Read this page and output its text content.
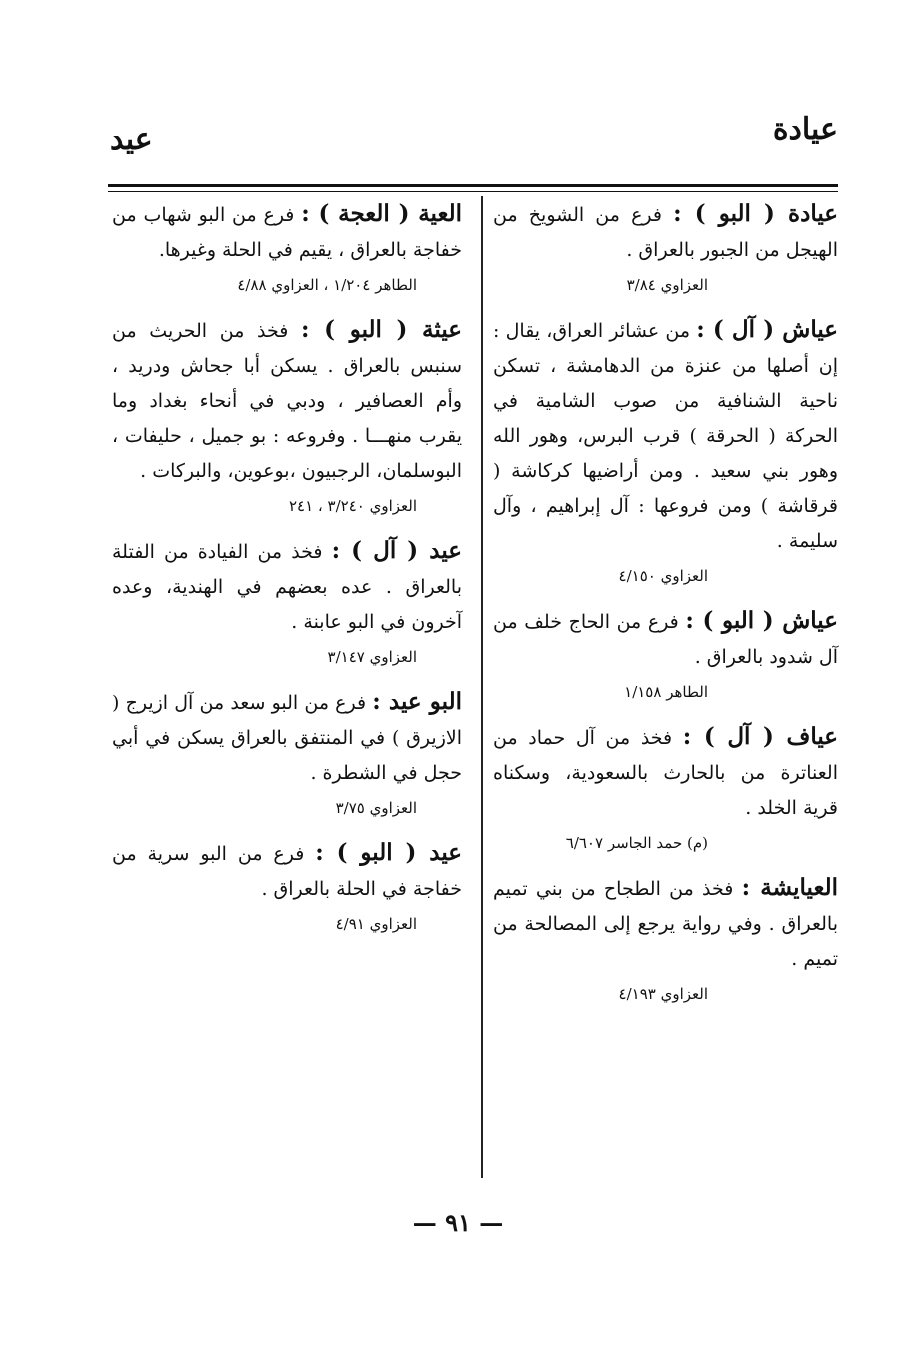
عيادة
عيد

عيادة ( البو ) : فرع من الشويخ من الهيجل من الجبور بالعراق .

العزاوي ٣/٨٤

عياش ( آل ) : من عشائر العراق، يقال : إن أصلها من عنزة من الدهامشة ، تسكن ناحية الشنافية من صوب الشامية في الحركة ( الحرقة ) قرب البرس، وهور الله وهور بني سعيد . ومن أراضيها كركاشة ( قرقاشة ) ومن فروعها : آل إبراهيم ، وآل سليمة .

العزاوي ٤/١٥٠

عياش ( البو ) : فرع من الحاج خلف من آل شدود بالعراق .

الطاهر ١/١٥٨

عياف ( آل ) : فخذ من آل حماد من العناترة من بالحارث بالسعودية، وسكناه قرية الخلد .

(م) حمد الجاسر ٦/٦٠٧

العيايشة : فخذ من الطجاح من بني تميم بالعراق . وفي رواية يرجع إلى المصالحة من تميم .

العزاوي ٤/١٩٣

العية ( العجة ) : فرع من البو شهاب من خفاجة بالعراق ، يقيم في الحلة وغيرها.

الطاهر ١/٢٠٤ ، العزاوي ٤/٨٨

عيثة ( البو ) : فخذ من الحريث من سنبس بالعراق . يسكن أبا جحاش ودريد ، وأم العصافير ، ودبي في أنحاء بغداد وما يقرب منهـــا . وفروعه : بو جميل ، حليفات ، البوسلمان، الرجبيون ،بوعوين، والبركات .

العزاوي ٣/٢٤٠ ، ٢٤١

عيد ( آل ) : فخذ من الفيادة من الفتلة بالعراق . عده بعضهم في الهندية، وعده آخرون في البو عابنة .

العزاوي ٣/١٤٧

البو عيد : فرع من البو سعد من آل ازيرج ( الازيرق ) في المنتفق بالعراق يسكن في أبي حجل في الشطرة .

العزاوي ٣/٧٥

عيد ( البو ) : فرع من البو سرية من خفاجة في الحلة بالعراق .

العزاوي ٤/٩١

— ٩١ —
